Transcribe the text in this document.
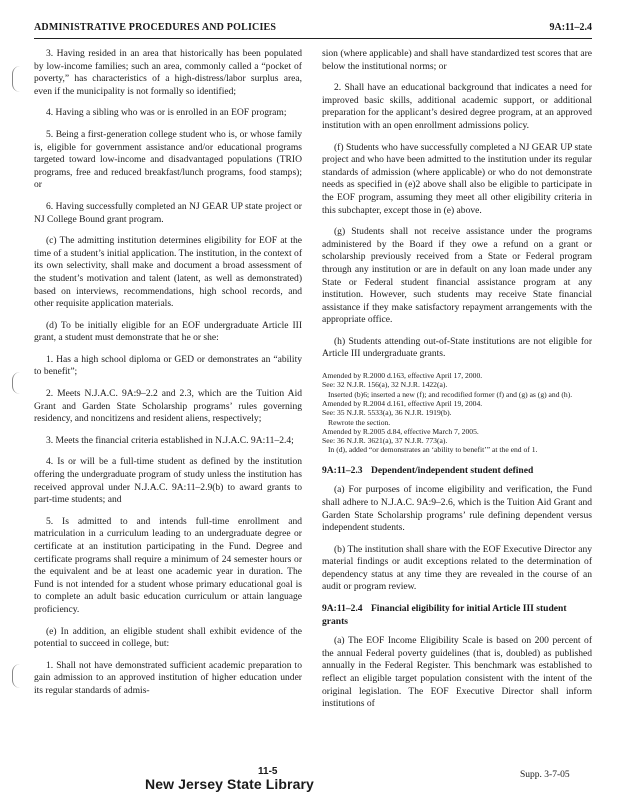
ADMINISTRATIVE PROCEDURES AND POLICIES	9A:11–2.4

3. Having resided in an area that historically has been populated by low-income families; such an area, commonly called a “pocket of poverty,” has characteristics of a high-distress/labor surplus area, even if the municipality is not formally so identified;

4. Having a sibling who was or is enrolled in an EOF program;

5. Being a first-generation college student who is, or whose family is, eligible for government assistance and/or educational programs targeted toward low-income and disadvantaged populations (TRIO programs, free and reduced breakfast/lunch programs, food stamps); or

6. Having successfully completed an NJ GEAR UP state project or NJ College Bound grant program.

(c) The admitting institution determines eligibility for EOF at the time of a student’s initial application. The institution, in the context of its own selectivity, shall make and document a broad assessment of the student’s motivation and talent (latent, as well as demonstrated) based on interviews, recommendations, high school records, and other requisite application materials.

(d) To be initially eligible for an EOF undergraduate Article III grant, a student must demonstrate that he or she:

1. Has a high school diploma or GED or demonstrates an “ability to benefit”;

2. Meets N.J.A.C. 9A:9–2.2 and 2.3, which are the Tuition Aid Grant and Garden State Scholarship programs’ rules governing residency, and noncitizens and resident aliens, respectively;

3. Meets the financial criteria established in N.J.A.C. 9A:11–2.4;

4. Is or will be a full-time student as defined by the institution offering the undergraduate program of study unless the institution has received approval under N.J.A.C. 9A:11–2.9(b) to award grants to part-time students; and

5. Is admitted to and intends full-time enrollment and matriculation in a curriculum leading to an undergraduate degree or certificate at an institution participating in the Fund. Degree and certificate programs shall require a minimum of 24 semester hours or the equivalent and be at least one academic year in duration. The Fund is not intended for a student whose primary educational goal is to complete an adult basic education curriculum or attain language proficiency.

(e) In addition, an eligible student shall exhibit evidence of the potential to succeed in college, but:

1. Shall not have demonstrated sufficient academic preparation to gain admission to an approved institution of higher education under its regular standards of admis-

sion (where applicable) and shall have standardized test scores that are below the institutional norms; or

2. Shall have an educational background that indicates a need for improved basic skills, additional academic support, or additional preparation for the applicant’s desired degree program, at an approved institution with an open enrollment admissions policy.

(f) Students who have successfully completed a NJ GEAR UP state project and who have been admitted to the institution under its regular standards of admission (where applicable) or who do not demonstrate needs as specified in (e)2 above shall also be eligible to participate in the EOF program, assuming they meet all other eligibility criteria in this subchapter, except those in (e) above.

(g) Students shall not receive assistance under the programs administered by the Board if they owe a refund on a grant or scholarship previously received from a State or Federal program through any institution or are in default on any loan made under any State or Federal student financial assistance program at any institution. However, such students may receive State financial assistance if they make satisfactory repayment arrangements with the appropriate office.

(h) Students attending out-of-State institutions are not eligible for Article III undergraduate grants.

Amended by R.2000 d.163, effective April 17, 2000.
See: 32 N.J.R. 156(a), 32 N.J.R. 1422(a).
Inserted (b)6; inserted a new (f); and recodified former (f) and (g) as (g) and (h).
Amended by R.2004 d.161, effective April 19, 2004.
See: 35 N.J.R. 5533(a), 36 N.J.R. 1919(b).
Rewrote the section.
Amended by R.2005 d.84, effective March 7, 2005.
See: 36 N.J.R. 3621(a), 37 N.J.R. 773(a).
In (d), added “or demonstrates an ‘ability to benefit’” at the end of 1.
9A:11–2.3 Dependent/independent student defined

(a) For purposes of income eligibility and verification, the Fund shall adhere to N.J.A.C. 9A:9–2.6, which is the Tuition Aid Grant and Garden State Scholarship programs’ rule defining dependent versus independent students.

(b) The institution shall share with the EOF Executive Director any material findings or audit exceptions related to the determination of dependency status at any time they are revealed in the course of an audit or program review.

9A:11–2.4 Financial eligibility for initial Article III student grants

(a) The EOF Income Eligibility Scale is based on 200 percent of the annual Federal poverty guidelines (that is, doubled) as published annually in the Federal Register. This benchmark was established to reflect an eligible target population consistent with the intent of the original legislation. The EOF Executive Director shall inform institutions of

11-5
New Jersey State Library
Supp. 3-7-05
